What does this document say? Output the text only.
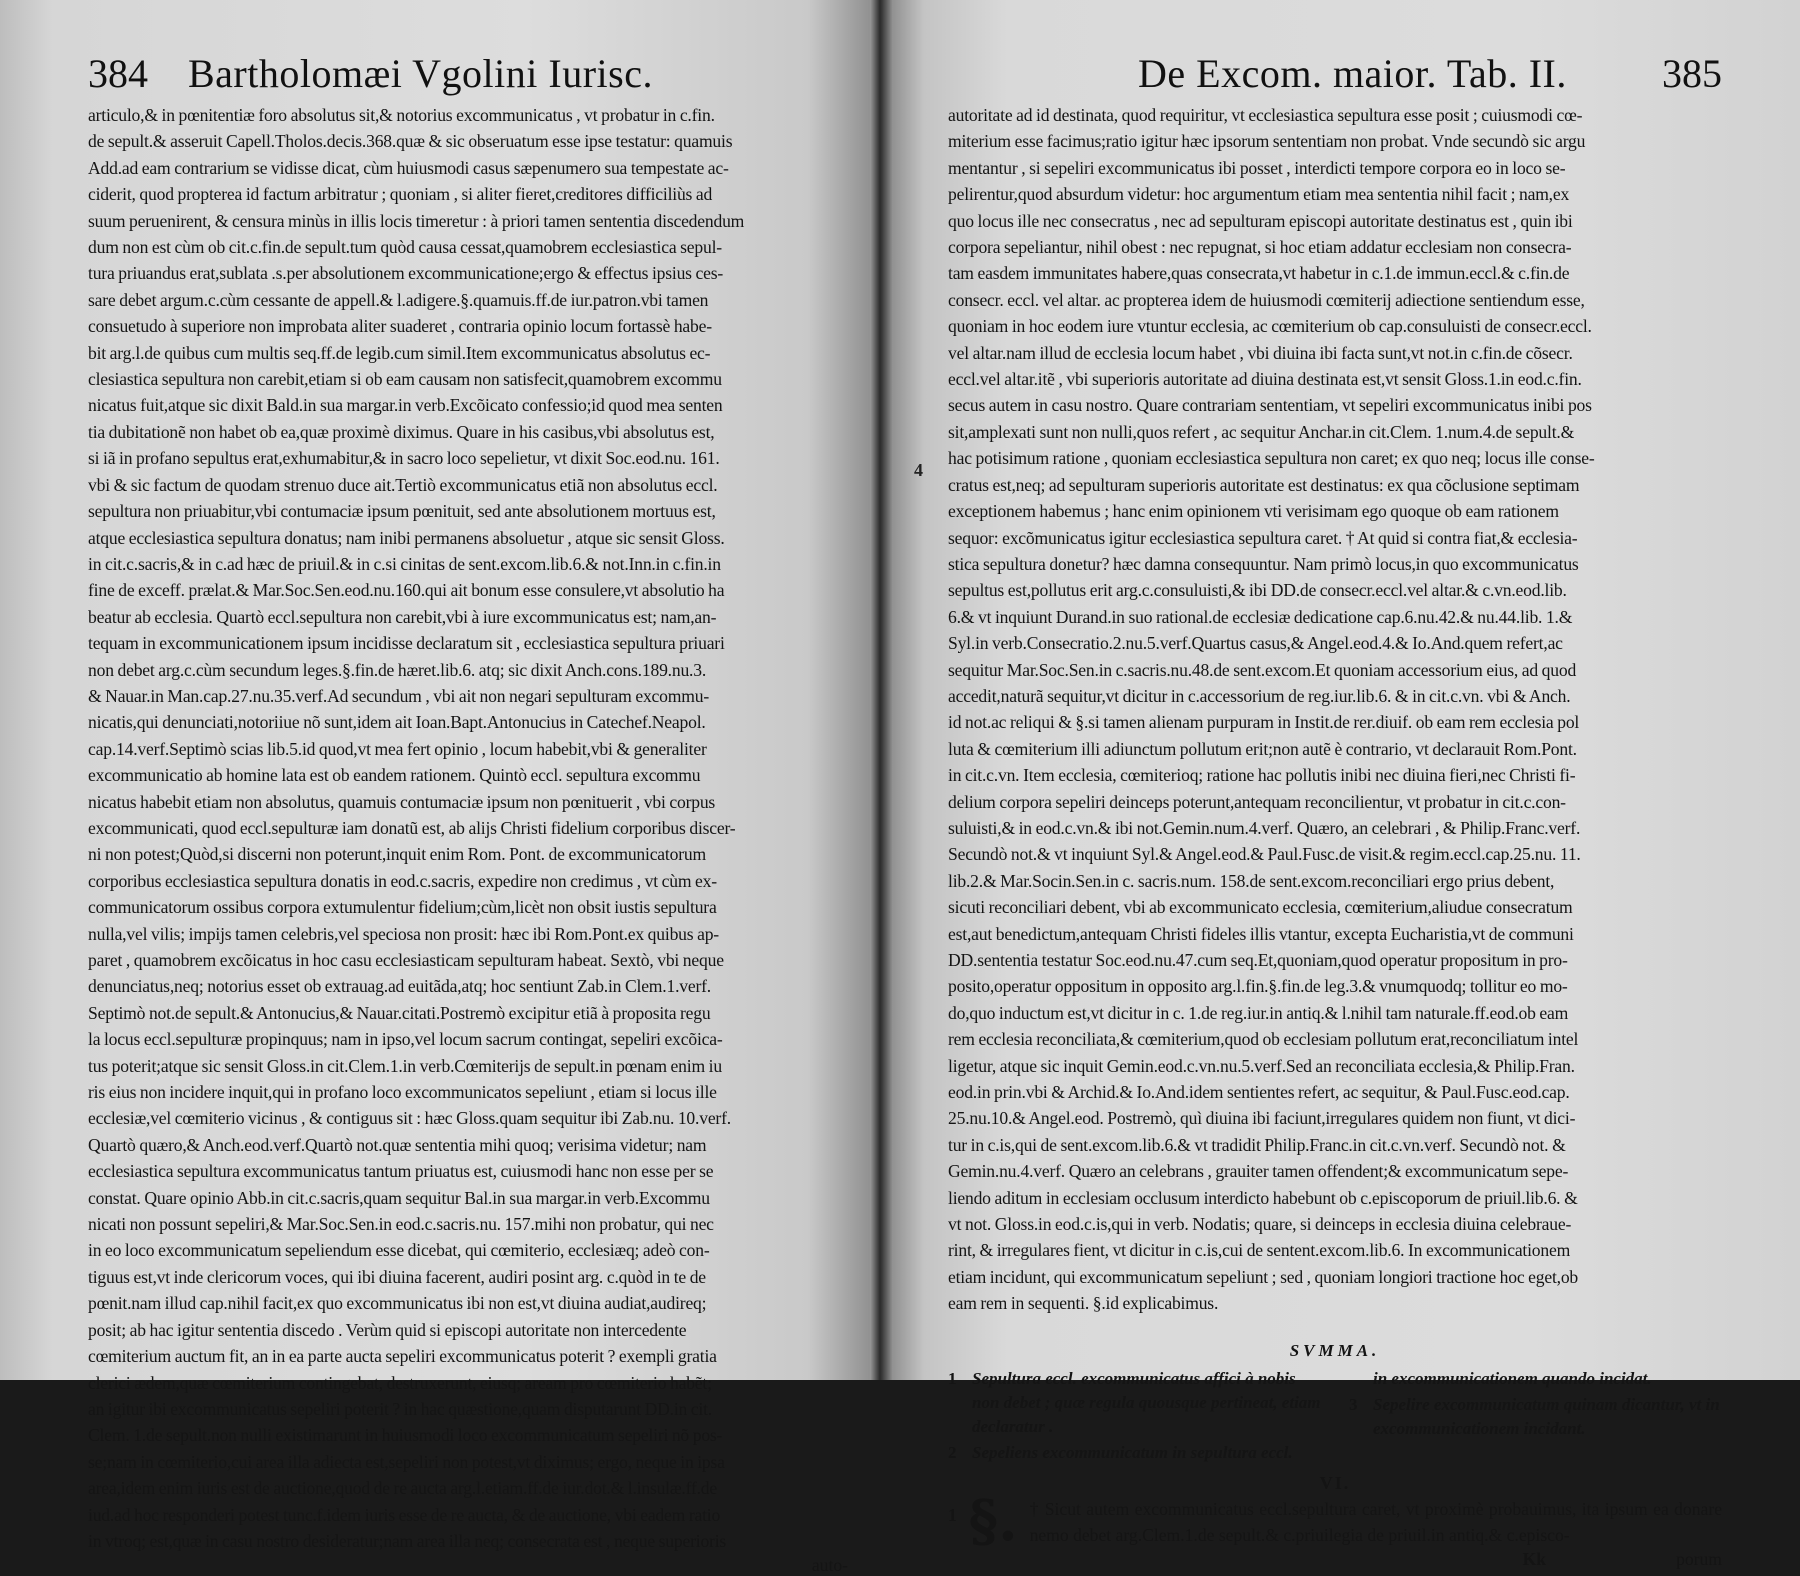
384 Bartholomæi Vgolini Iurisc.

articulo,& in pœnitentiæ foro absolutus sit,& notorius excommunicatus , vt probatur in c.fin.

de sepult.& asseruit Capell.Tholos.decis.368.quæ & sic obseruatum esse ipse testatur: quamuis

Add.ad eam contrarium se vidisse dicat, cùm huiusmodi casus sæpenumero sua tempestate ac-

ciderit, quod propterea id factum arbitratur ; quoniam , si aliter fieret,creditores difficiliùs ad

suum peruenirent, & censura minùs in illis locis timeretur : à priori tamen sententia discedendum

dum non est cùm ob cit.c.fin.de sepult.tum quòd causa cessat,quamobrem ecclesiastica sepul-

tura priuandus erat,sublata .s.per absolutionem excommunicatione;ergo & effectus ipsius ces-

sare debet argum.c.cùm cessante de appell.& l.adigere.§.quamuis.ff.de iur.patron.vbi tamen

consuetudo à superiore non improbata aliter suaderet , contraria opinio locum fortassè habe-

bit arg.l.de quibus cum multis seq.ff.de legib.cum simil.Item excommunicatus absolutus ec-

clesiastica sepultura non carebit,etiam si ob eam causam non satisfecit,quamobrem excommu

nicatus fuit,atque sic dixit Bald.in sua margar.in verb.Excõicato confessio;id quod mea senten

tia dubitationẽ non habet ob ea,quæ proximè diximus. Quare in his casibus,vbi absolutus est,

si iã in profano sepultus erat,exhumabitur,& in sacro loco sepelietur, vt dixit Soc.eod.nu. 161.

vbi & sic factum de quodam strenuo duce ait.Tertiò excommunicatus etiã non absolutus eccl.

sepultura non priuabitur,vbi contumaciæ ipsum pœnituit, sed ante absolutionem mortuus est,

atque ecclesiastica sepultura donatus; nam inibi permanens absoluetur , atque sic sensit Gloss.

in cit.c.sacris,& in c.ad hæc de priuil.& in c.si cinitas de sent.excom.lib.6.& not.Inn.in c.fin.in

fine de exceff. prælat.& Mar.Soc.Sen.eod.nu.160.qui ait bonum esse consulere,vt absolutio ha

beatur ab ecclesia. Quartò eccl.sepultura non carebit,vbi à iure excommunicatus est; nam,an-

tequam in excommunicationem ipsum incidisse declaratum sit , ecclesiastica sepultura priuari

non debet arg.c.cùm secundum leges.§.fin.de hæret.lib.6. atq; sic dixit Anch.cons.189.nu.3.

& Nauar.in Man.cap.27.nu.35.verf.Ad secundum , vbi ait non negari sepulturam excommu-

nicatis,qui denunciati,notoriiue nõ sunt,idem ait Ioan.Bapt.Antonucius in Catechef.Neapol.

cap.14.verf.Septimò scias lib.5.id quod,vt mea fert opinio , locum habebit,vbi & generaliter

excommunicatio ab homine lata est ob eandem rationem. Quintò eccl. sepultura excommu

nicatus habebit etiam non absolutus, quamuis contumaciæ ipsum non pœnituerit , vbi corpus

excommunicati, quod eccl.sepulturæ iam donatũ est, ab alijs Christi fidelium corporibus discer-

ni non potest;Quòd,si discerni non poterunt,inquit enim Rom. Pont. de excommunicatorum

corporibus ecclesiastica sepultura donatis in eod.c.sacris, expedire non credimus , vt cùm ex-

communicatorum ossibus corpora extumulentur fidelium;cùm,licèt non obsit iustis sepultura

nulla,vel vilis; impijs tamen celebris,vel speciosa non prosit: hæc ibi Rom.Pont.ex quibus ap-

paret , quamobrem excõicatus in hoc casu ecclesiasticam sepulturam habeat. Sextò, vbi neque

denunciatus,neq; notorius esset ob extrauag.ad euitãda,atq; hoc sentiunt Zab.in Clem.1.verf.

Septimò not.de sepult.& Antonucius,& Nauar.citati.Postremò excipitur etiã à proposita regu

la locus eccl.sepulturæ propinquus; nam in ipso,vel locum sacrum contingat, sepeliri excõica-

tus poterit;atque sic sensit Gloss.in cit.Clem.1.in verb.Cœmiterijs de sepult.in pœnam enim iu

ris eius non incidere inquit,qui in profano loco excommunicatos sepeliunt , etiam si locus ille

ecclesiæ,vel cœmiterio vicinus , & contiguus sit : hæc Gloss.quam sequitur ibi Zab.nu. 10.verf.

Quartò quæro,& Anch.eod.verf.Quartò not.quæ sententia mihi quoq; verisima videtur; nam

ecclesiastica sepultura excommunicatus tantum priuatus est, cuiusmodi hanc non esse per se

constat. Quare opinio Abb.in cit.c.sacris,quam sequitur Bal.in sua margar.in verb.Excommu

nicati non possunt sepeliri,& Mar.Soc.Sen.in eod.c.sacris.nu. 157.mihi non probatur, qui nec

in eo loco excommunicatum sepeliendum esse dicebat, qui cœmiterio, ecclesiæq; adeò con-

tiguus est,vt inde clericorum voces, qui ibi diuina facerent, audiri posint arg. c.quòd in te de

pœnit.nam illud cap.nihil facit,ex quo excommunicatus ibi non est,vt diuina audiat,audireq;

posit; ab hac igitur sententia discedo . Verùm quid si episcopi autoritate non intercedente

cœmiterium auctum fit, an in ea parte aucta sepeliri excommunicatus poterit ? exempli gratia

clerici ædem,quæ cœmiterium contingebat, destruxerunt, eiusq; aream pro cœmiterio habẽt;

an igitur ibi excommunicatus sepeliri poterit ? in hac quæstione,quam disputarunt DD.in cit.

Clem. 1.de sepult.non nulli existimarunt in huiusmodi loco excommunicatum sepeliri nõ pos-

se;nam in cœmiterio,cui area illa adiecta est,sepeliri non potest,vt diximus; ergo, neque in ipsa

area,idem enim iuris est de auctione,quod de re aucta arg.l.etiam.ff.de iur.dot.& l.insulæ.ff.de

iud.ad hoc responderi potest tunc.f.idem iuris esse de re aucta, & de auctione, vbi eadem ratio

in vtroq; est,quæ in casu nostro desideratur;nam area illa neq; consecrata est , neque superioris

auto-
De Excom. maior. Tab. II. 385
4

autoritate ad id destinata, quod requiritur, vt ecclesiastica sepultura esse posit ; cuiusmodi cœ-

miterium esse facimus;ratio igitur hæc ipsorum sententiam non probat. Vnde secundò sic argu

mentantur , si sepeliri excommunicatus ibi posset , interdicti tempore corpora eo in loco se-

pelirentur,quod absurdum videtur: hoc argumentum etiam mea sententia nihil facit ; nam,ex

quo locus ille nec consecratus , nec ad sepulturam episcopi autoritate destinatus est , quin ibi

corpora sepeliantur, nihil obest : nec repugnat, si hoc etiam addatur ecclesiam non consecra-

tam easdem immunitates habere,quas consecrata,vt habetur in c.1.de immun.eccl.& c.fin.de

consecr. eccl. vel altar. ac propterea idem de huiusmodi cœmiterij adiectione sentiendum esse,

quoniam in hoc eodem iure vtuntur ecclesia, ac cœmiterium ob cap.consuluisti de consecr.eccl.

vel altar.nam illud de ecclesia locum habet , vbi diuina ibi facta sunt,vt not.in c.fin.de cõsecr.

eccl.vel altar.itẽ , vbi superioris autoritate ad diuina destinata est,vt sensit Gloss.1.in eod.c.fin.

secus autem in casu nostro. Quare contrariam sententiam, vt sepeliri excommunicatus inibi pos

sit,amplexati sunt non nulli,quos refert , ac sequitur Anchar.in cit.Clem. 1.num.4.de sepult.&

hac potisimum ratione , quoniam ecclesiastica sepultura non caret; ex quo neq; locus ille conse-

cratus est,neq; ad sepulturam superioris autoritate est destinatus: ex qua cõclusione septimam

exceptionem habemus ; hanc enim opinionem vti verisimam ego quoque ob eam rationem

sequor: excõmunicatus igitur ecclesiastica sepultura caret. † At quid si contra fiat,& ecclesia-

stica sepultura donetur? hæc damna consequuntur. Nam primò locus,in quo excommunicatus

sepultus est,pollutus erit arg.c.consuluisti,& ibi DD.de consecr.eccl.vel altar.& c.vn.eod.lib.

6.& vt inquiunt Durand.in suo rational.de ecclesiæ dedicatione cap.6.nu.42.& nu.44.lib. 1.&

Syl.in verb.Consecratio.2.nu.5.verf.Quartus casus,& Angel.eod.4.& Io.And.quem refert,ac

sequitur Mar.Soc.Sen.in c.sacris.nu.48.de sent.excom.Et quoniam accessorium eius, ad quod

accedit,naturã sequitur,vt dicitur in c.accessorium de reg.iur.lib.6. & in cit.c.vn. vbi & Anch.

id not.ac reliqui & §.si tamen alienam purpuram in Instit.de rer.diuif. ob eam rem ecclesia pol

luta & cœmiterium illi adiunctum pollutum erit;non autẽ è contrario, vt declarauit Rom.Pont.

in cit.c.vn. Item ecclesia, cœmiterioq; ratione hac pollutis inibi nec diuina fieri,nec Christi fi-

delium corpora sepeliri deinceps poterunt,antequam reconcilientur, vt probatur in cit.c.con-

suluisti,& in eod.c.vn.& ibi not.Gemin.num.4.verf. Quæro, an celebrari , & Philip.Franc.verf.

Secundò not.& vt inquiunt Syl.& Angel.eod.& Paul.Fusc.de visit.& regim.eccl.cap.25.nu. 11.

lib.2.& Mar.Socin.Sen.in c. sacris.num. 158.de sent.excom.reconciliari ergo prius debent,

sicuti reconciliari debent, vbi ab excommunicato ecclesia, cœmiterium,aliudue consecratum

est,aut benedictum,antequam Christi fideles illis vtantur, excepta Eucharistia,vt de communi

DD.sententia testatur Soc.eod.nu.47.cum seq.Et,quoniam,quod operatur propositum in pro-

posito,operatur oppositum in opposito arg.l.fin.§.fin.de leg.3.& vnumquodq; tollitur eo mo-

do,quo inductum est,vt dicitur in c. 1.de reg.iur.in antiq.& l.nihil tam naturale.ff.eod.ob eam

rem ecclesia reconciliata,& cœmiterium,quod ob ecclesiam pollutum erat,reconciliatum intel

ligetur, atque sic inquit Gemin.eod.c.vn.nu.5.verf.Sed an reconciliata ecclesia,& Philip.Fran.

eod.in prin.vbi & Archid.& Io.And.idem sentientes refert, ac sequitur, & Paul.Fusc.eod.cap.

25.nu.10.& Angel.eod. Postremò, quì diuina ibi faciunt,irregulares quidem non fiunt, vt dici-

tur in c.is,qui de sent.excom.lib.6.& vt tradidit Philip.Franc.in cit.c.vn.verf. Secundò not. &

Gemin.nu.4.verf. Quæro an celebrans , grauiter tamen offendent;& excommunicatum sepe-

liendo aditum in ecclesiam occlusum interdicto habebunt ob c.episcoporum de priuil.lib.6. &

vt not. Gloss.in eod.c.is,qui in verb. Nodatis; quare, si deinceps in ecclesia diuina celebraue-

rint, & irregulares fient, vt dicitur in c.is,cui de sentent.excom.lib.6. In excommunicationem

etiam incidunt, qui excommunicatum sepeliunt ; sed , quoniam longiori tractione hoc eget,ob

eam rem in sequenti. §.id explicabimus.

SVMMA.
1 Sepultura eccl. excommunicatus affici à nobis non debet ; quæ regula quousque pertineat, etiam declaratur .
2 Sepeliens excommunicatum in sepultura eccl.
in excommunicationem quando incidat.
3 Sepelire excommunicatum quinam dicantur, vt in excommunicationem incidant.
VI.
1 §. † Sicut autem excommunicatus eccl.sepultura caret, vt proximè probauimus, ita ipsum ea donare nemo debet arg.Clem.1.de sepult.& c.priuilegia de priuil.in antiq.& c.episco-
Kk	porum
